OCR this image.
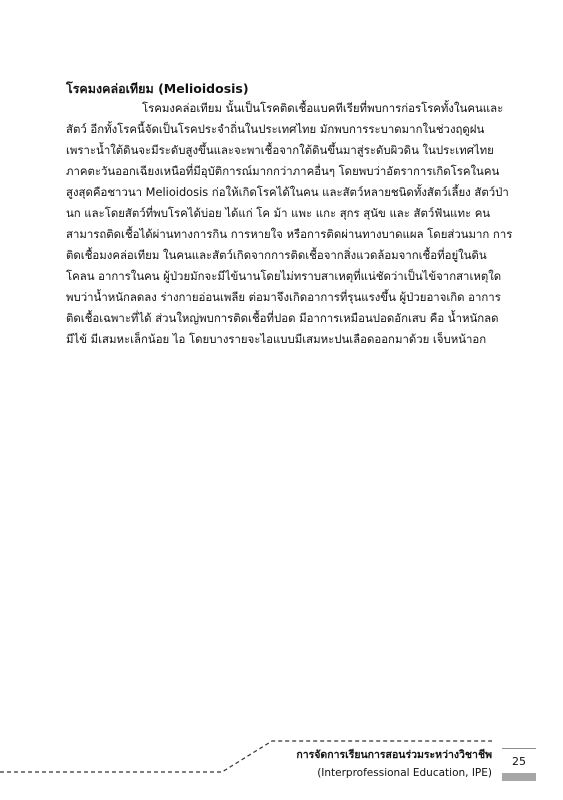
โรคมงคล่อเทียม (Melioidosis)
โรคมงคล่อเทียม นั้นเป็นโรคติดเชื้อแบคทีเรียที่พบการก่อรโรคทั้งในคนและ
สัตว์ อีกทั้งโรคนี้จัดเป็นโรคประจำถิ่นในประเทศไทย มักพบการระบาดมากในช่วงฤดูฝน
เพราะน้ำใต้ดินจะมีระดับสูงขึ้นและจะพาเชื้อจากใต้ดินขึ้นมาสู่ระดับผิวดิน ในประเทศไทย
ภาคตะวันออกเฉียงเหนือที่มีอุบัติการณ์มากกว่าภาคอื่นๆ โดยพบว่าอัตราการเกิดโรคในคน
สูงสุดคือชาวนา Melioidosis ก่อให้เกิดโรคได้ในคน และสัตว์หลายชนิดทั้งสัตว์เลี้ยง สัตว์ป่า
นก และโดยสัตว์ที่พบโรคได้บ่อย ได้แก่ โค ม้า แพะ แกะ สุกร สุนัข และ สัตว์ฟันแทะ คน
สามารถติดเชื้อได้ผ่านทางการกิน การหายใจ หรือการติดผ่านทางบาดแผล โดยส่วนมาก การ
ติดเชื้อมงคล่อเทียม ในคนและสัตว์เกิดจากการติดเชื้อจากสิ่งแวดล้อมจากเชื้อที่อยู่ในดิน
โคลน อาการในคน ผู้ป่วยมักจะมีไข้นานโดยไม่ทราบสาเหตุที่แน่ชัดว่าเป็นไข้จากสาเหตุใด
พบว่าน้ำหนักลดลง ร่างกายอ่อนเพลีย ต่อมาจึงเกิดอาการที่รุนแรงขึ้น ผู้ป่วยอาจเกิด อาการ
ติดเชื้อเฉพาะที่ได้ ส่วนใหญ่พบการติดเชื้อที่ปอด มีอาการเหมือนปอดอักเสบ คือ น้ำหนักลด
มีไข้ มีเสมหะเล็กน้อย ไอ โดยบางรายจะไอแบบมีเสมหะปนเลือดออกมาด้วย เจ็บหน้าอก
การจัดการเรียนการสอนร่วมระหว่างวิชาชีพ
(Interprofessional Education, IPE)
25
